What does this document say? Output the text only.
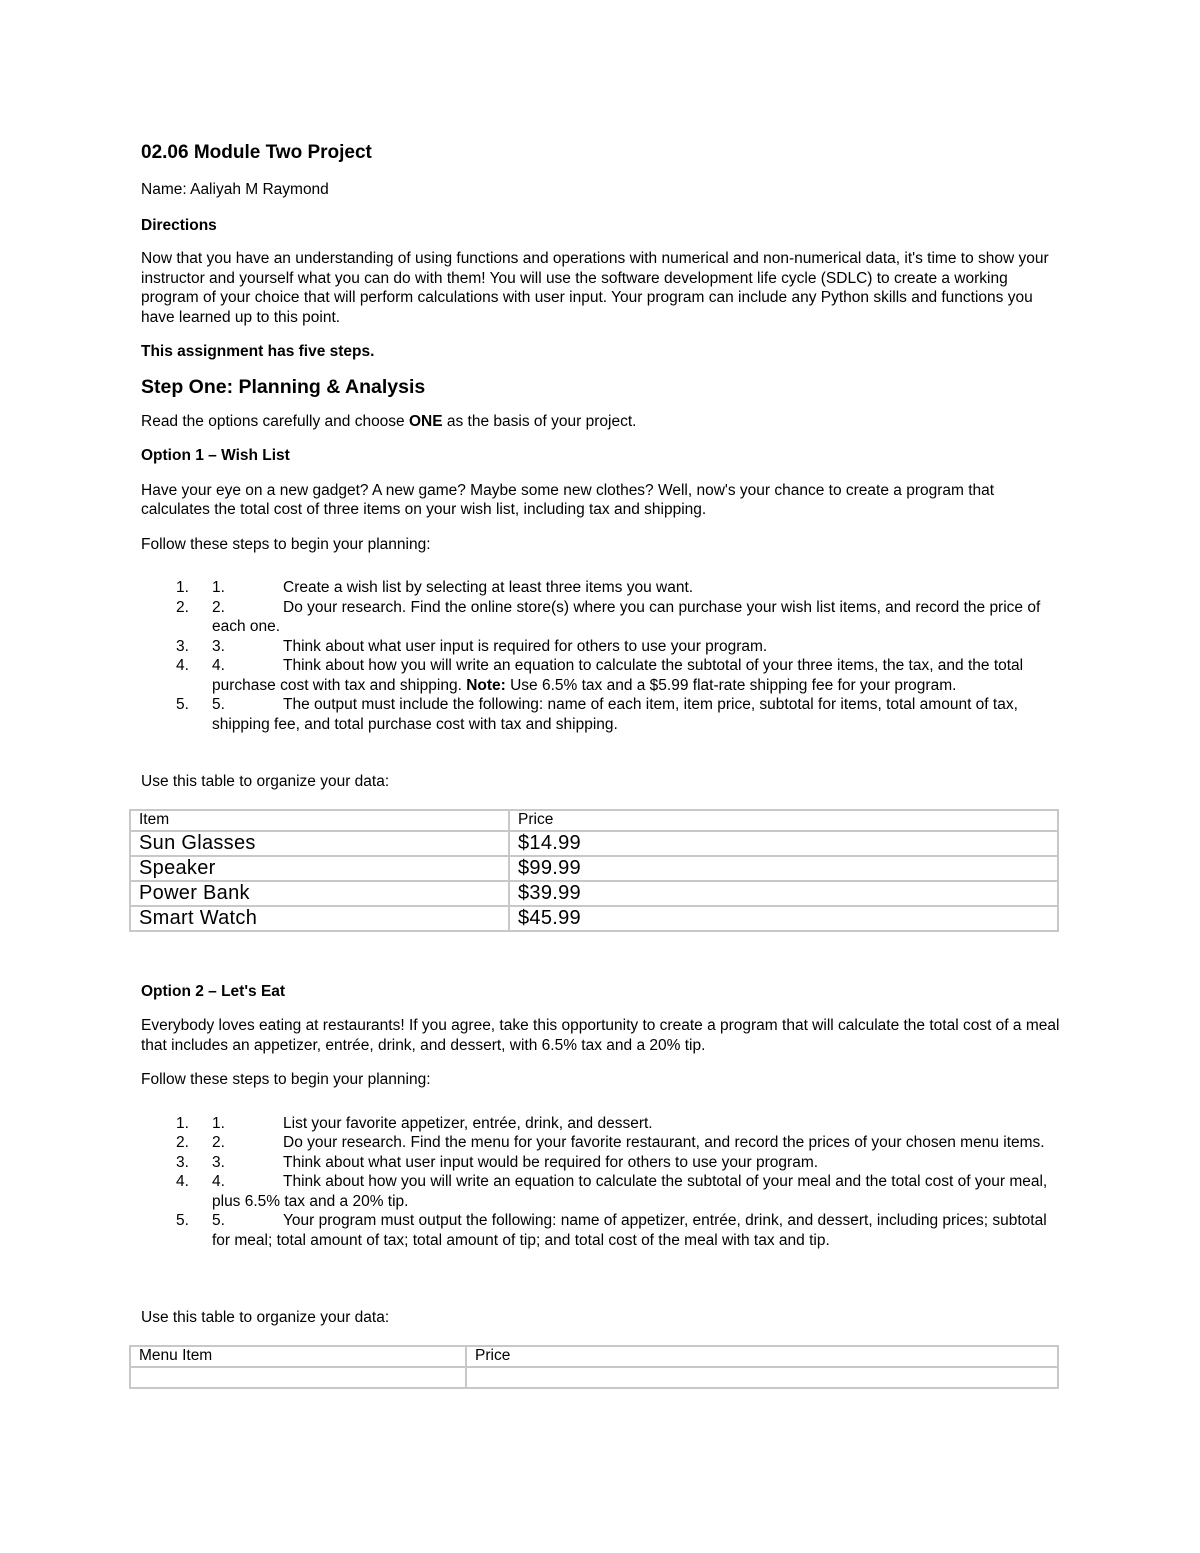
02.06 Module Two Project

Name: Aaliyah M Raymond

Directions

Now that you have an understanding of using functions and operations with numerical and non-numerical data, it's time to show your instructor and yourself what you can do with them! You will use the software development life cycle (SDLC) to create a working program of your choice that will perform calculations with user input. Your program can include any Python skills and functions you have learned up to this point.

This assignment has five steps.

Step One: Planning & Analysis

Read the options carefully and choose ONE as the basis of your project.

Option 1 – Wish List

Have your eye on a new gadget? A new game? Maybe some new clothes? Well, now's your chance to create a program that calculates the total cost of three items on your wish list, including tax and shipping.

Follow these steps to begin your planning:

1. 1.	Create a wish list by selecting at least three items you want.
2. 2.	Do your research. Find the online store(s) where you can purchase your wish list items, and record the price of each one.
3. 3.	Think about what user input is required for others to use your program.
4. 4.	Think about how you will write an equation to calculate the subtotal of your three items, the tax, and the total purchase cost with tax and shipping. Note: Use 6.5% tax and a $5.99 flat-rate shipping fee for your program.
5. 5.	The output must include the following: name of each item, item price, subtotal for items, total amount of tax, shipping fee, and total purchase cost with tax and shipping.

Use this table to organize your data:

Item	Price
Sun Glasses	$14.99
Speaker	$99.99
Power Bank	$39.99
Smart Watch	$45.99

Option 2 – Let's Eat

Everybody loves eating at restaurants! If you agree, take this opportunity to create a program that will calculate the total cost of a meal that includes an appetizer, entrée, drink, and dessert, with 6.5% tax and a 20% tip.

Follow these steps to begin your planning:

1. 1.	List your favorite appetizer, entrée, drink, and dessert.
2. 2.	Do your research. Find the menu for your favorite restaurant, and record the prices of your chosen menu items.
3. 3.	Think about what user input would be required for others to use your program.
4. 4.	Think about how you will write an equation to calculate the subtotal of your meal and the total cost of your meal, plus 6.5% tax and a 20% tip.
5. 5.	Your program must output the following: name of appetizer, entrée, drink, and dessert, including prices; subtotal for meal; total amount of tax; total amount of tip; and total cost of the meal with tax and tip.

Use this table to organize your data:

Menu Item	Price
